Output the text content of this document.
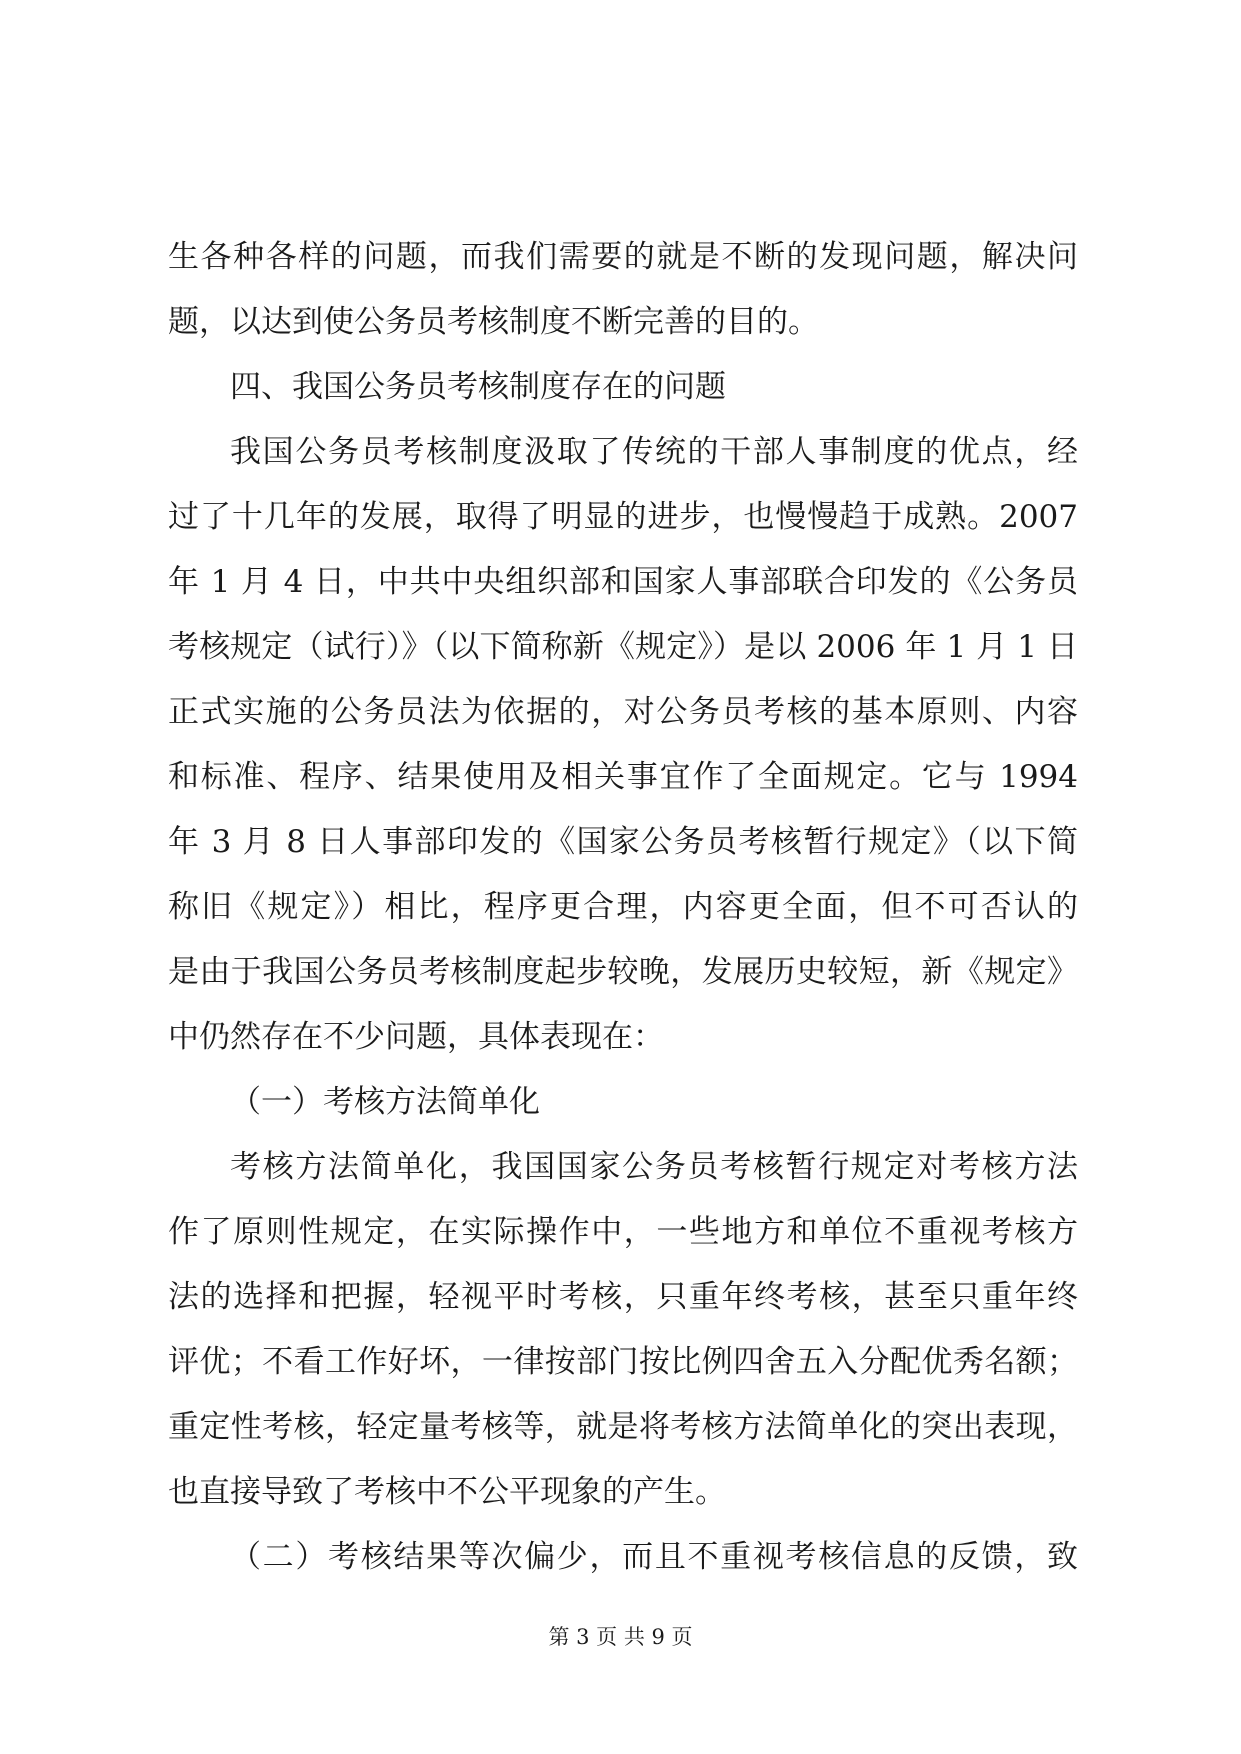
生各种各样的问题，而我们需要的就是不断的发现问题，解决问
题，以达到使公务员考核制度不断完善的目的。
四、我国公务员考核制度存在的问题
我国公务员考核制度汲取了传统的干部人事制度的优点，经
过了十几年的发展，取得了明显的进步，也慢慢趋于成熟。2007
年 1 月 4 日，中共中央组织部和国家人事部联合印发的《公务员
考核规定（试行）》（以下简称新《规定》）是以 2006 年 1 月 1 日
正式实施的公务员法为依据的，对公务员考核的基本原则、内容
和标准、程序、结果使用及相关事宜作了全面规定。它与 1994
年 3 月 8 日人事部印发的《国家公务员考核暂行规定》（以下简
称旧《规定》）相比，程序更合理，内容更全面，但不可否认的
是由于我国公务员考核制度起步较晚，发展历史较短，新《规定》
中仍然存在不少问题，具体表现在：
（一）考核方法简单化
考核方法简单化，我国国家公务员考核暂行规定对考核方法
作了原则性规定，在实际操作中，一些地方和单位不重视考核方
法的选择和把握，轻视平时考核，只重年终考核，甚至只重年终
评优；不看工作好坏，一律按部门按比例四舍五入分配优秀名额；
重定性考核，轻定量考核等，就是将考核方法简单化的突出表现，
也直接导致了考核中不公平现象的产生。
（二）考核结果等次偏少，而且不重视考核信息的反馈，致
第 3 页 共 9 页
